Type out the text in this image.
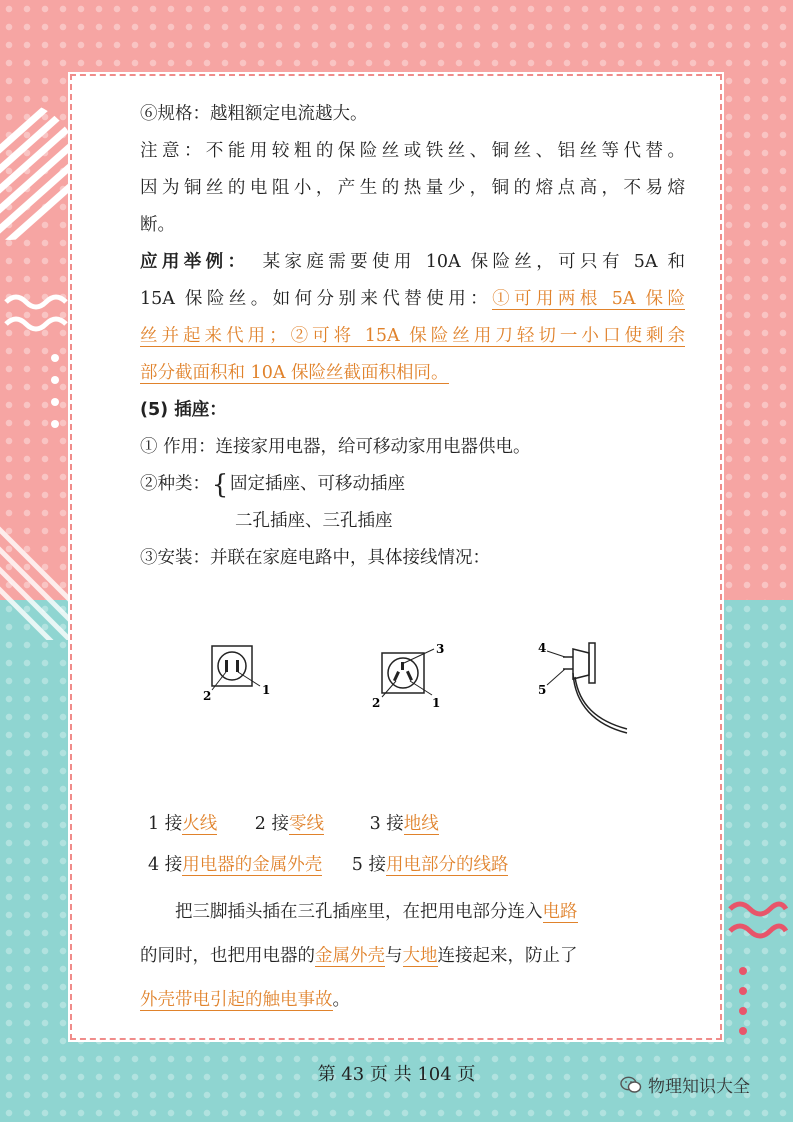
⑥规格：越粗额定电流越大。
注意：不能用较粗的保险丝或铁丝、铜丝、铝丝等代替。
因为铜丝的电阻小，产生的热量少，铜的熔点高，不易熔
断。
应用举例：　某家庭需要使用 10A 保险丝，可只有 5A 和
15A 保险丝。如何分别来代替使用：①可用两根 5A 保险
丝并起来代用；②可将 15A 保险丝用刀轻切一小口使剩余
部分截面积和 10A 保险丝截面积相同。
(5) 插座：
① 作用：连接家用电器，给可移动家用电器供电。
②种类：{固定插座、可移动插座
二孔插座、三孔插座
③安装：并联在家庭电路中，具体接线情况：
2	1
3
2	1
4
5
1 接火线 2 接零线	3 接地线
4 接用电器的金属外壳 5 接用电部分的线路
把三脚插头插在三孔插座里，在把用电部分连入电路
的同时，也把用电器的金属外壳与大地连接起来，防止了
外壳带电引起的触电事故。
第 43 页 共 104 页
物理知识大全
